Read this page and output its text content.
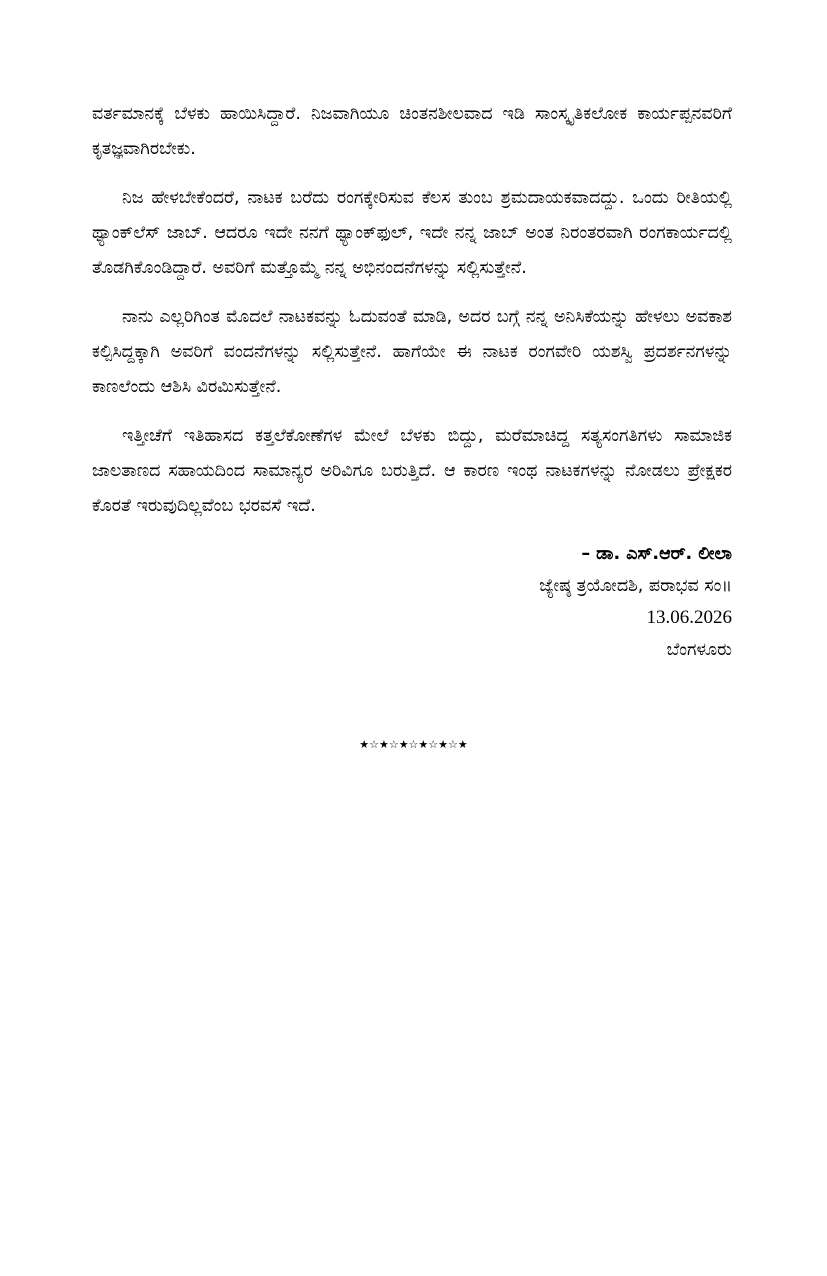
ವರ್ತಮಾನಕ್ಕೆ ಬೆಳಕು ಹಾಯಿಸಿದ್ದಾರೆ. ನಿಜವಾಗಿಯೂ ಚಿಂತನಶೀಲವಾದ ಇಡಿ ಸಾಂಸ್ಕೃತಿಕಲೋಕ ಕಾರ್ಯಪ್ಪನವರಿಗೆ ಕೃತಜ್ಞವಾಗಿರಬೇಕು.

ನಿಜ ಹೇಳಬೇಕೆಂದರೆ, ನಾಟಕ ಬರೆದು ರಂಗಕ್ಕೇರಿಸುವ ಕೆಲಸ ತುಂಬ ಶ್ರಮದಾಯಕವಾದದ್ದು. ಒಂದು ರೀತಿಯಲ್ಲಿ ಥ್ಯಾಂಕ್‌ಲೆಸ್ ಜಾಬ್. ಆದರೂ ಇದೇ ನನಗೆ ಥ್ಯಾಂಕ್‌ಫುಲ್, ಇದೇ ನನ್ನ ಜಾಬ್ ಅಂತ ನಿರಂತರವಾಗಿ ರಂಗಕಾರ್ಯದಲ್ಲಿ ತೊಡಗಿಕೊಂಡಿದ್ದಾರೆ. ಅವರಿಗೆ ಮತ್ತೊಮ್ಮೆ ನನ್ನ ಅಭಿನಂದನೆಗಳನ್ನು ಸಲ್ಲಿಸುತ್ತೇನೆ.

ನಾನು ಎಲ್ಲರಿಗಿಂತ ಮೊದಲೆ ನಾಟಕವನ್ನು ಓದುವಂತೆ ಮಾಡಿ, ಅದರ ಬಗ್ಗೆ ನನ್ನ ಅನಿಸಿಕೆಯನ್ನು ಹೇಳಲು ಅವಕಾಶ ಕಲ್ಪಿಸಿದ್ದಕ್ಕಾಗಿ ಅವರಿಗೆ ವಂದನೆಗಳನ್ನು ಸಲ್ಲಿಸುತ್ತೇನೆ. ಹಾಗೆಯೇ ಈ ನಾಟಕ ರಂಗವೇರಿ ಯಶಸ್ವಿ ಪ್ರದರ್ಶನಗಳನ್ನು ಕಾಣಲೆಂದು ಆಶಿಸಿ ವಿರಮಿಸುತ್ತೇನೆ.

ಇತ್ತೀಚೆಗೆ ಇತಿಹಾಸದ ಕತ್ತಲೆಕೋಣೆಗಳ ಮೇಲೆ ಬೆಳಕು ಬಿದ್ದು, ಮರೆಮಾಚಿದ್ದ ಸತ್ಯಸಂಗತಿಗಳು ಸಾಮಾಜಿಕ ಜಾಲತಾಣದ ಸಹಾಯದಿಂದ ಸಾಮಾನ್ಯರ ಅರಿವಿಗೂ ಬರುತ್ತಿದೆ. ಆ ಕಾರಣ ಇಂಥ ನಾಟಕಗಳನ್ನು ನೋಡಲು ಪ್ರೇಕ್ಷಕರ ಕೊರತೆ ಇರುವುದಿಲ್ಲವೆಂಬ ಭರವಸೆ ಇದೆ.

– ಡಾ. ಎಸ್.ಆರ್. ಲೀಲಾ
ಜ್ಯೇಷ್ಠ ತ್ರಯೋದಶಿ, ಪರಾಭವ ಸಂ॥
13.06.2026
ಬೆಂಗಳೂರು
★☆★☆★☆★☆★☆★
